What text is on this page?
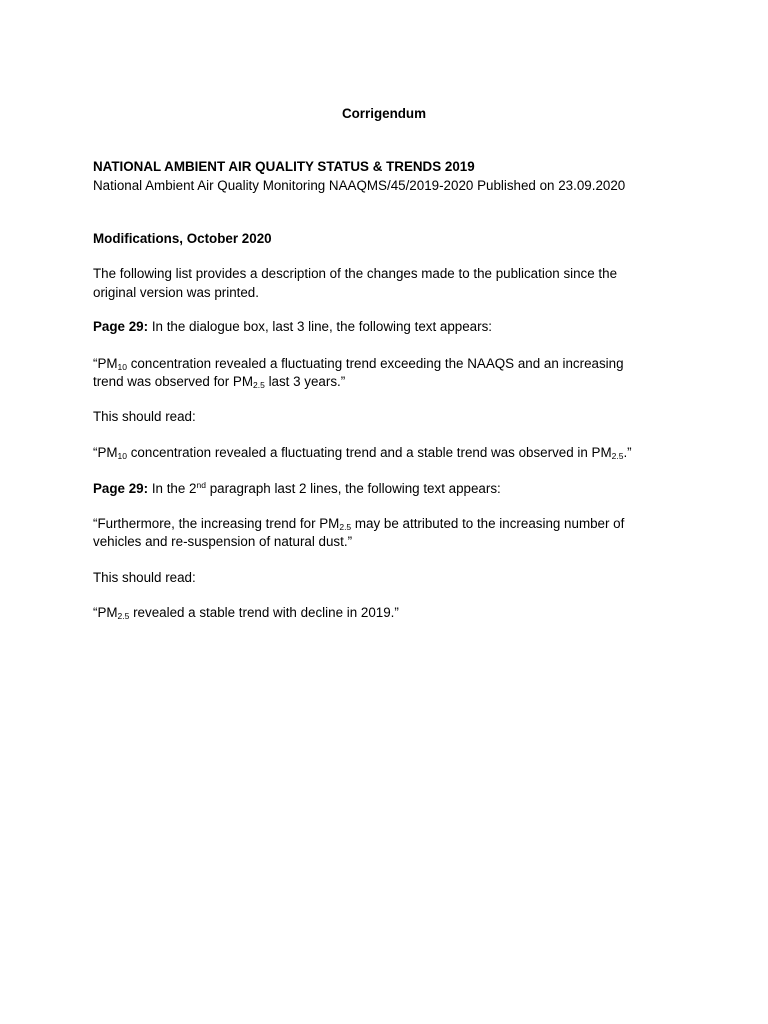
Corrigendum
NATIONAL AMBIENT AIR QUALITY STATUS & TRENDS 2019
National Ambient Air Quality Monitoring NAAQMS/45/2019-2020 Published on 23.09.2020
Modifications, October 2020
The following list provides a description of the changes made to the publication since the
original version was printed.
Page 29: In the dialogue box, last 3 line, the following text appears:
“$PM_{10}$ concentration revealed a fluctuating trend exceeding the NAAQS and an increasing
trend was observed for $PM_{2.5}$ last 3 years.”
This should read:
“$PM_{10}$ concentration revealed a fluctuating trend and a stable trend was observed in $PM_{2.5}$.”
Page 29: In the 2nd paragraph last 2 lines, the following text appears:
“Furthermore, the increasing trend for $PM_{2.5}$ may be attributed to the increasing number of
vehicles and re-suspension of natural dust.”
This should read:
“$PM_{2.5}$ revealed a stable trend with decline in 2019.”
